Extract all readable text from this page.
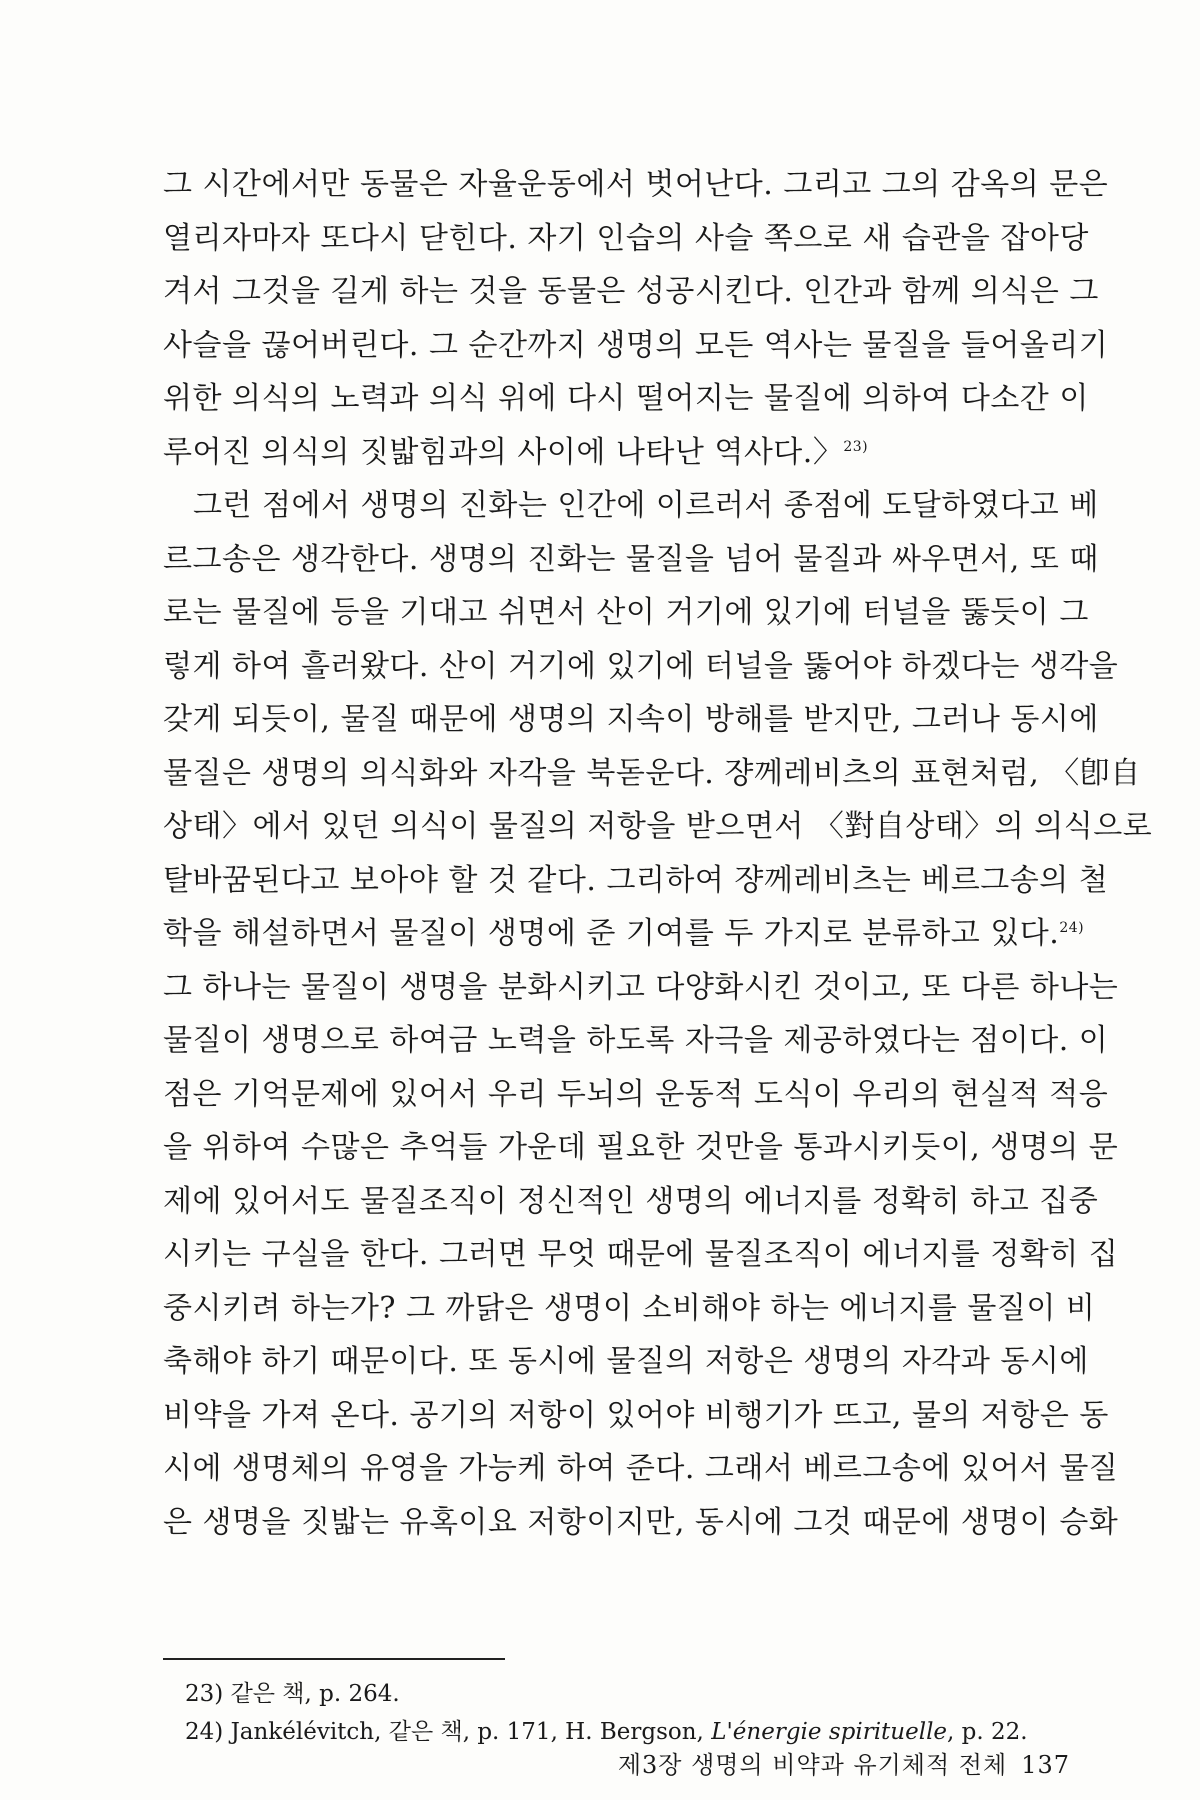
그 시간에서만 동물은 자율운동에서 벗어난다. 그리고 그의 감옥의 문은
열리자마자 또다시 닫힌다. 자기 인습의 사슬 쪽으로 새 습관을 잡아당
겨서 그것을 길게 하는 것을 동물은 성공시킨다. 인간과 함께 의식은 그
사슬을 끊어버린다. 그 순간까지 생명의 모든 역사는 물질을 들어올리기
위한 의식의 노력과 의식 위에 다시 떨어지는 물질에 의하여 다소간 이
루어진 의식의 짓밟힘과의 사이에 나타난 역사다.〉$^{23)}$
그런 점에서 생명의 진화는 인간에 이르러서 종점에 도달하였다고 베
르그송은 생각한다. 생명의 진화는 물질을 넘어 물질과 싸우면서, 또 때
로는 물질에 등을 기대고 쉬면서 산이 거기에 있기에 터널을 뚫듯이 그
렇게 하여 흘러왔다. 산이 거기에 있기에 터널을 뚫어야 하겠다는 생각을
갖게 되듯이, 물질 때문에 생명의 지속이 방해를 받지만, 그러나 동시에
물질은 생명의 의식화와 자각을 북돋운다. 쟝께레비츠의 표현처럼, 〈卽自
상태〉에서 있던 의식이 물질의 저항을 받으면서 〈對自상태〉의 의식으로
탈바꿈된다고 보아야 할 것 같다. 그리하여 쟝께레비츠는 베르그송의 철
학을 해설하면서 물질이 생명에 준 기여를 두 가지로 분류하고 있다.$^{24)}$
그 하나는 물질이 생명을 분화시키고 다양화시킨 것이고, 또 다른 하나는
물질이 생명으로 하여금 노력을 하도록 자극을 제공하였다는 점이다. 이
점은 기억문제에 있어서 우리 두뇌의 운동적 도식이 우리의 현실적 적응
을 위하여 수많은 추억들 가운데 필요한 것만을 통과시키듯이, 생명의 문
제에 있어서도 물질조직이 정신적인 생명의 에너지를 정확히 하고 집중
시키는 구실을 한다. 그러면 무엇 때문에 물질조직이 에너지를 정확히 집
중시키려 하는가? 그 까닭은 생명이 소비해야 하는 에너지를 물질이 비
축해야 하기 때문이다. 또 동시에 물질의 저항은 생명의 자각과 동시에
비약을 가져 온다. 공기의 저항이 있어야 비행기가 뜨고, 물의 저항은 동
시에 생명체의 유영을 가능케 하여 준다. 그래서 베르그송에 있어서 물질
은 생명을 짓밟는 유혹이요 저항이지만, 동시에 그것 때문에 생명이 승화
23) 같은 책, p. 264.
24) Jankélévitch, 같은 책, p. 171, H. Bergson, L'énergie spirituelle, p. 22.
제3장 생명의 비약과 유기체적 전체 137
